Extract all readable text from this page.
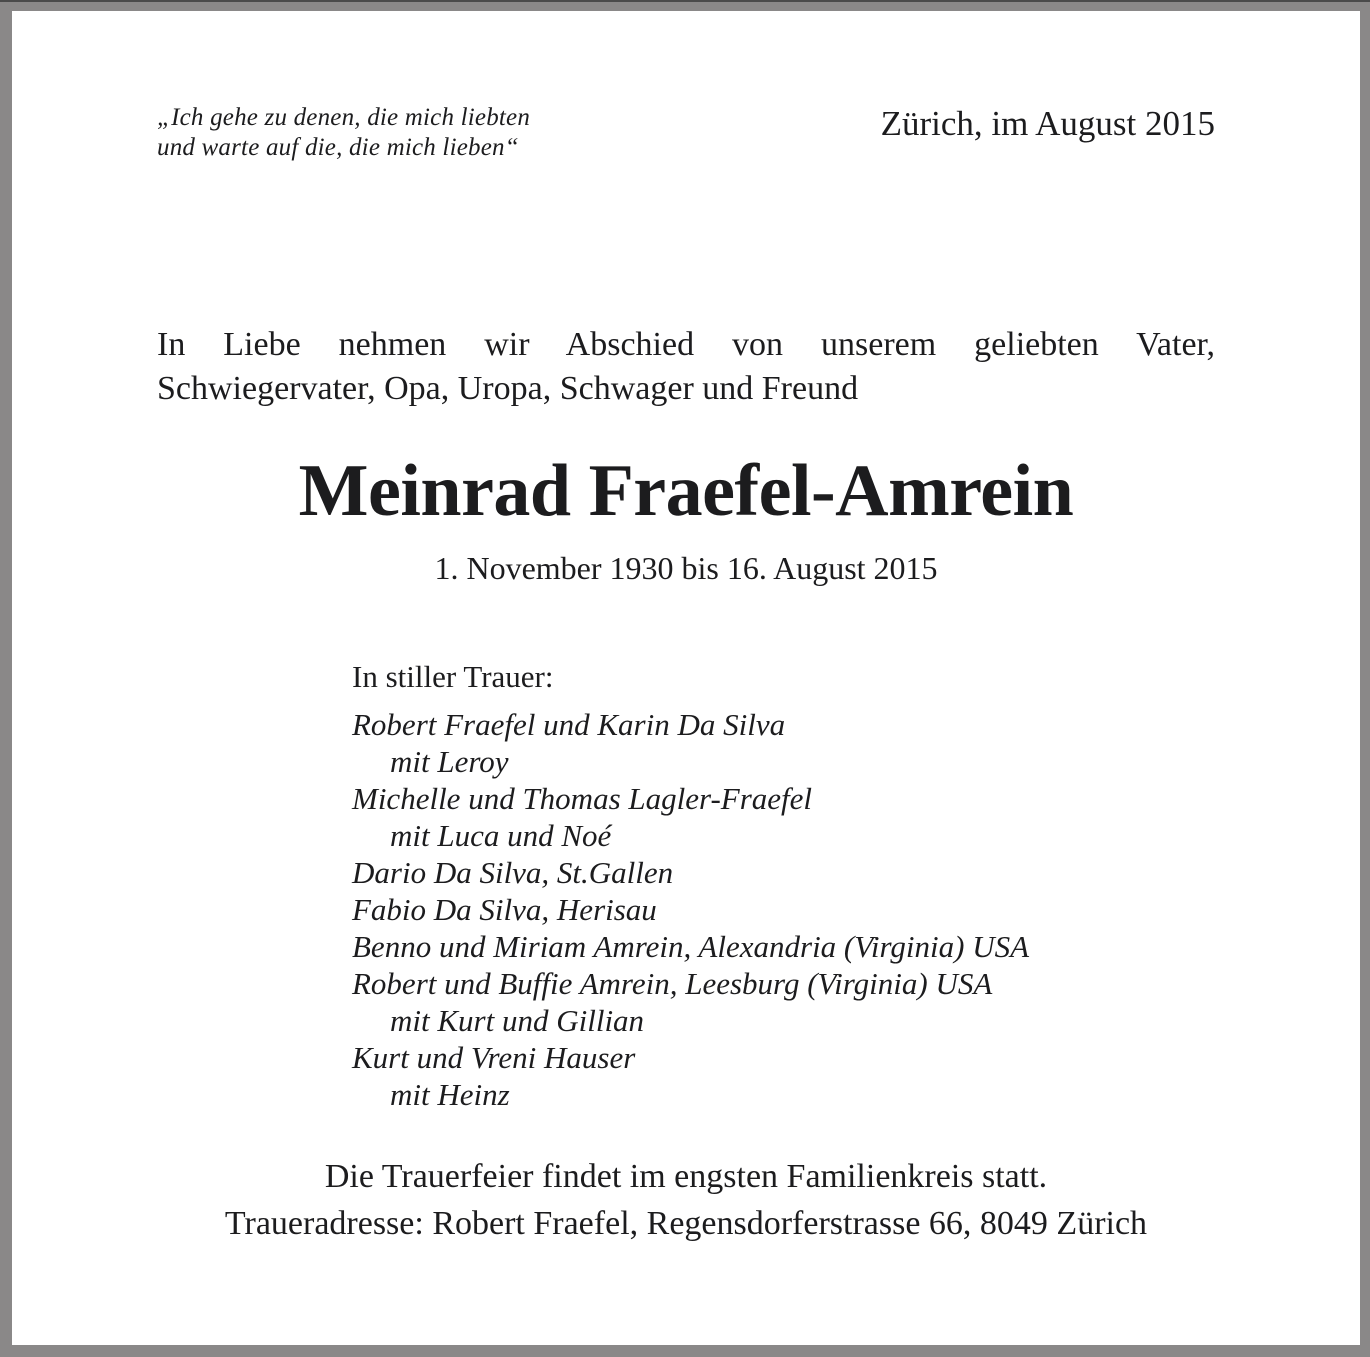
„Ich gehe zu denen, die mich liebten
und warte auf die, die mich lieben“
Zürich, im August 2015
In Liebe nehmen wir Abschied von unserem geliebten Vater,
Schwiegervater, Opa, Uropa, Schwager und Freund
Meinrad Fraefel-Amrein
1. November 1930 bis 16. August 2015
In stiller Trauer:
Robert Fraefel und Karin Da Silva
mit Leroy
Michelle und Thomas Lagler-Fraefel
mit Luca und Noé
Dario Da Silva, St.Gallen
Fabio Da Silva, Herisau
Benno und Miriam Amrein, Alexandria (Virginia) USA
Robert und Buffie Amrein, Leesburg (Virginia) USA
mit Kurt und Gillian
Kurt und Vreni Hauser
mit Heinz
Die Trauerfeier findet im engsten Familienkreis statt.
Traueradresse: Robert Fraefel, Regensdorferstrasse 66, 8049 Zürich
